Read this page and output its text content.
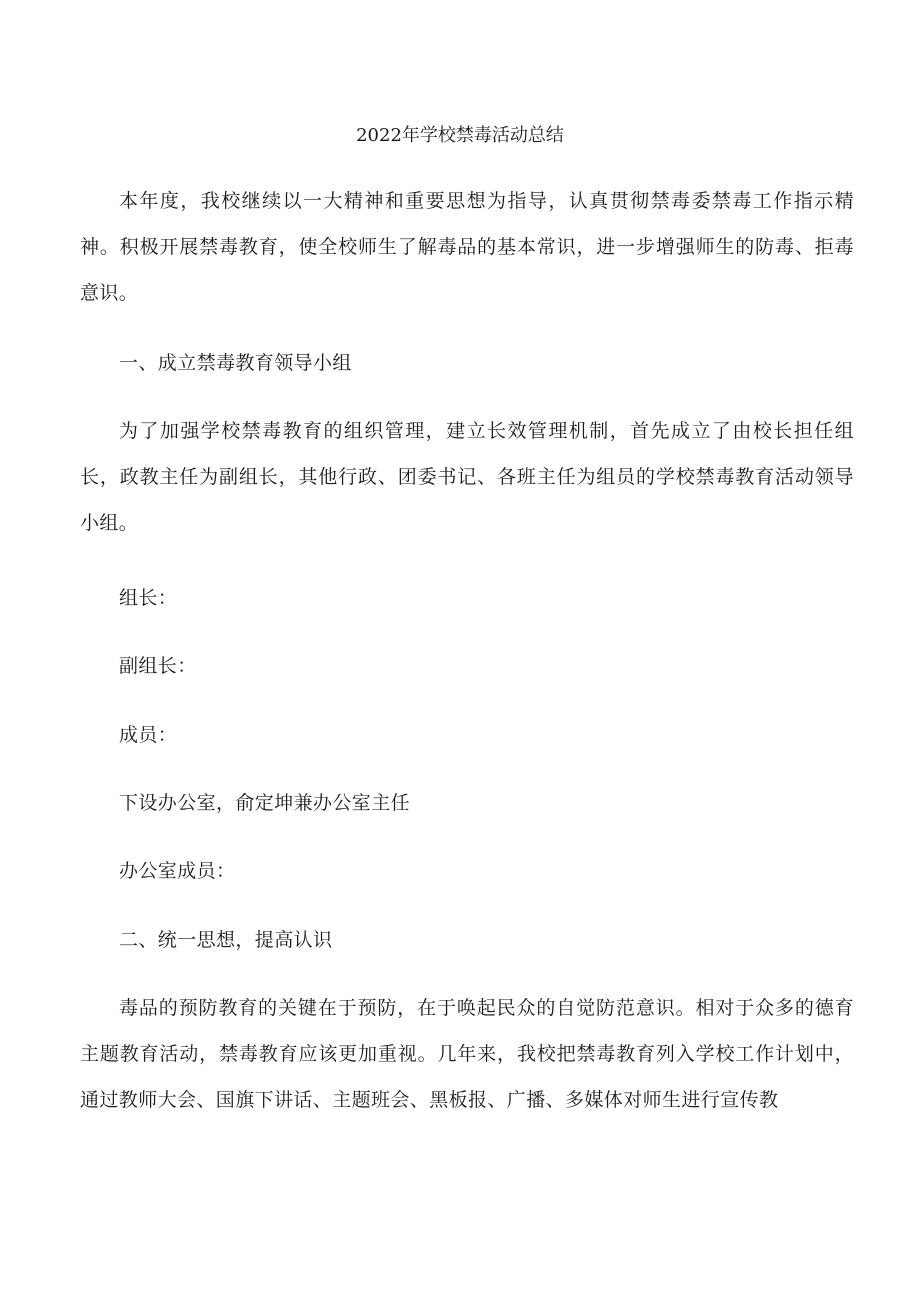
2022年学校禁毒活动总结
本年度，我校继续以一大精神和重要思想为指导，认真贯彻禁毒委禁毒工作指示精神。积极开展禁毒教育，使全校师生了解毒品的基本常识，进一步增强师生的防毒、拒毒意识。
一、成立禁毒教育领导小组
为了加强学校禁毒教育的组织管理，建立长效管理机制，首先成立了由校长担任组长，政教主任为副组长，其他行政、团委书记、各班主任为组员的学校禁毒教育活动领导小组。
组长：
副组长：
成员：
下设办公室，俞定坤兼办公室主任
办公室成员：
二、统一思想，提高认识
毒品的预防教育的关键在于预防，在于唤起民众的自觉防范意识。相对于众多的德育主题教育活动，禁毒教育应该更加重视。几年来，我校把禁毒教育列入学校工作计划中，通过教师大会、国旗下讲话、主题班会、黑板报、广播、多媒体对师生进行宣传教
